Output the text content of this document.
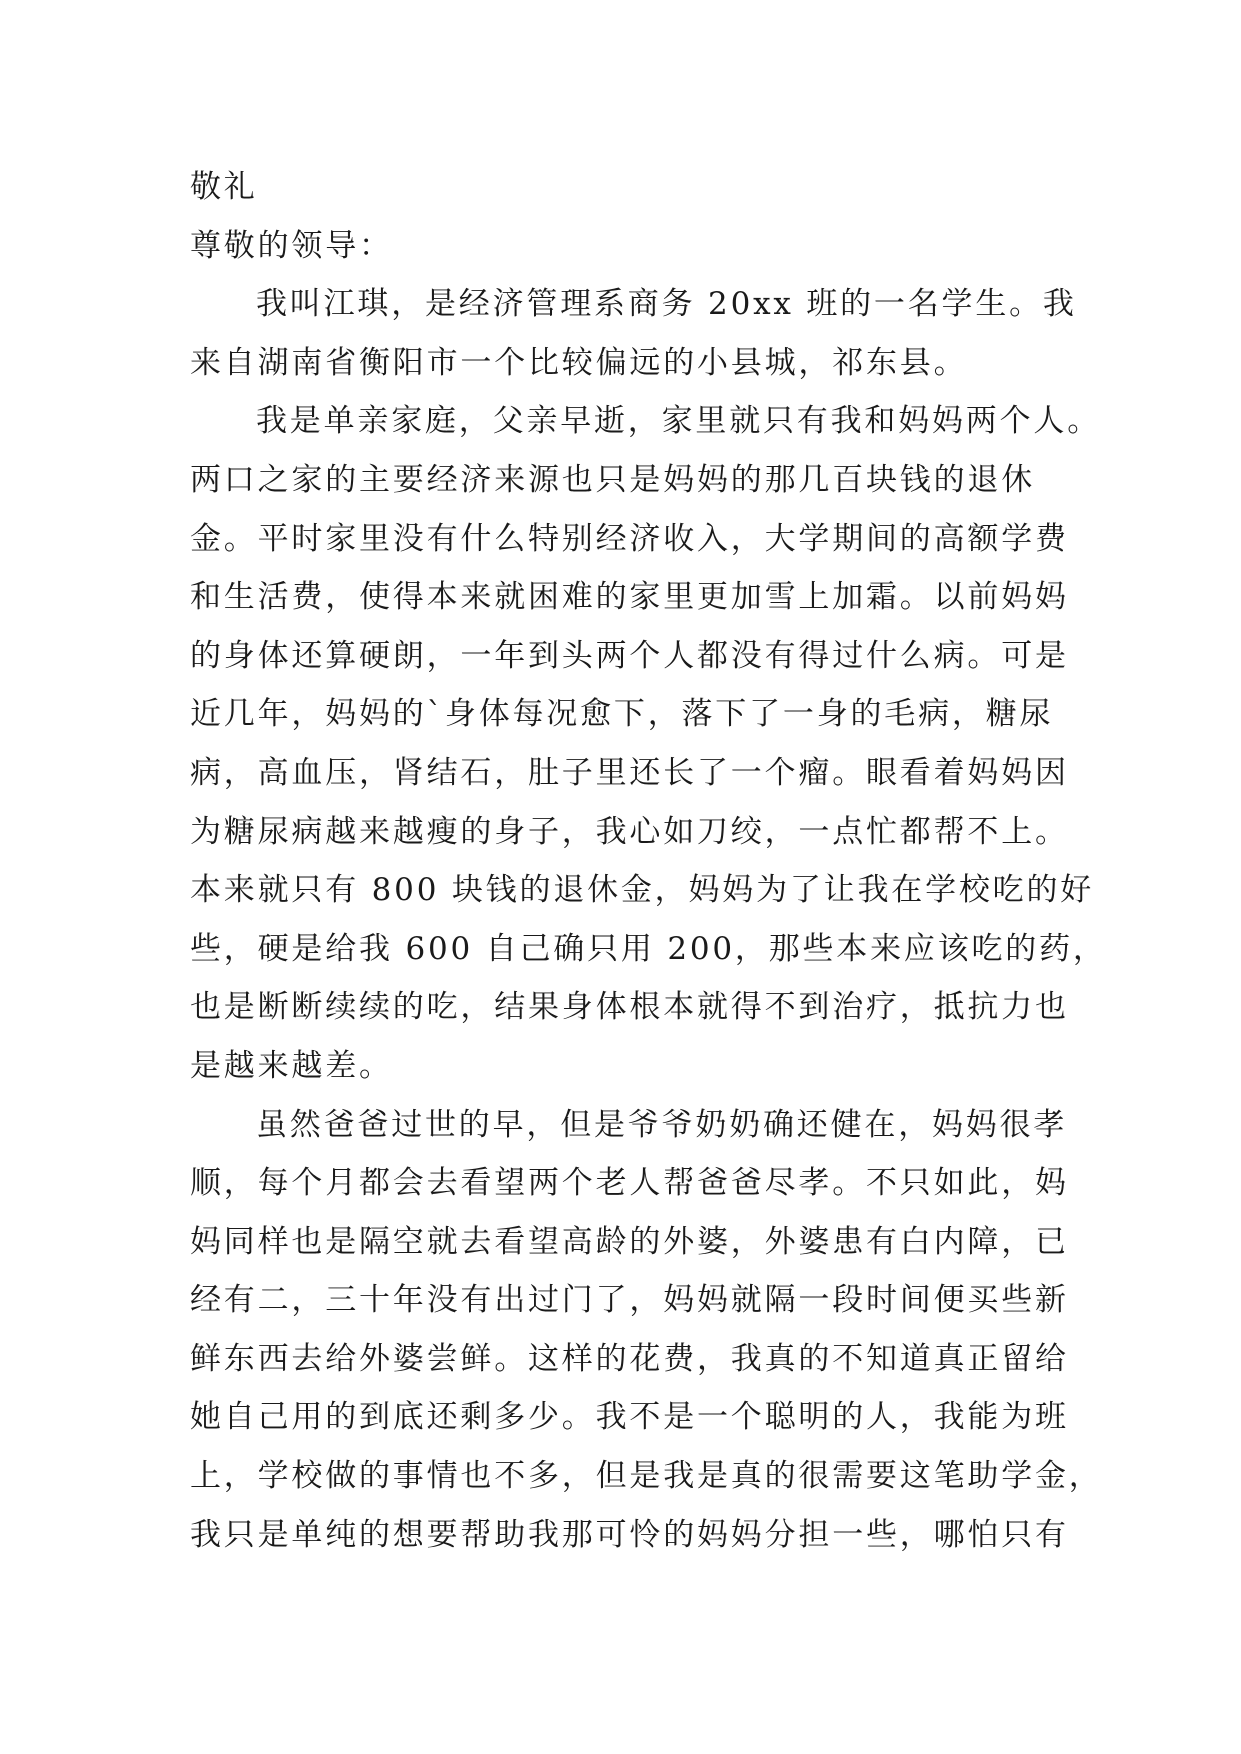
敬礼
尊敬的领导：
我叫江琪，是经济管理系商务 20xx 班的一名学生。我
来自湖南省衡阳市一个比较偏远的小县城，祁东县。
我是单亲家庭，父亲早逝，家里就只有我和妈妈两个人。
两口之家的主要经济来源也只是妈妈的那几百块钱的退休
金。平时家里没有什么特别经济收入，大学期间的高额学费
和生活费，使得本来就困难的家里更加雪上加霜。以前妈妈
的身体还算硬朗，一年到头两个人都没有得过什么病。可是
近几年，妈妈的`身体每况愈下，落下了一身的毛病，糖尿
病，高血压，肾结石，肚子里还长了一个瘤。眼看着妈妈因
为糖尿病越来越瘦的身子，我心如刀绞，一点忙都帮不上。
本来就只有 800 块钱的退休金，妈妈为了让我在学校吃的好
些，硬是给我 600 自己确只用 200，那些本来应该吃的药，
也是断断续续的吃，结果身体根本就得不到治疗，抵抗力也
是越来越差。
虽然爸爸过世的早，但是爷爷奶奶确还健在，妈妈很孝
顺，每个月都会去看望两个老人帮爸爸尽孝。不只如此，妈
妈同样也是隔空就去看望高龄的外婆，外婆患有白内障，已
经有二，三十年没有出过门了，妈妈就隔一段时间便买些新
鲜东西去给外婆尝鲜。这样的花费，我真的不知道真正留给
她自己用的到底还剩多少。我不是一个聪明的人，我能为班
上，学校做的事情也不多，但是我是真的很需要这笔助学金，
我只是单纯的想要帮助我那可怜的妈妈分担一些，哪怕只有
